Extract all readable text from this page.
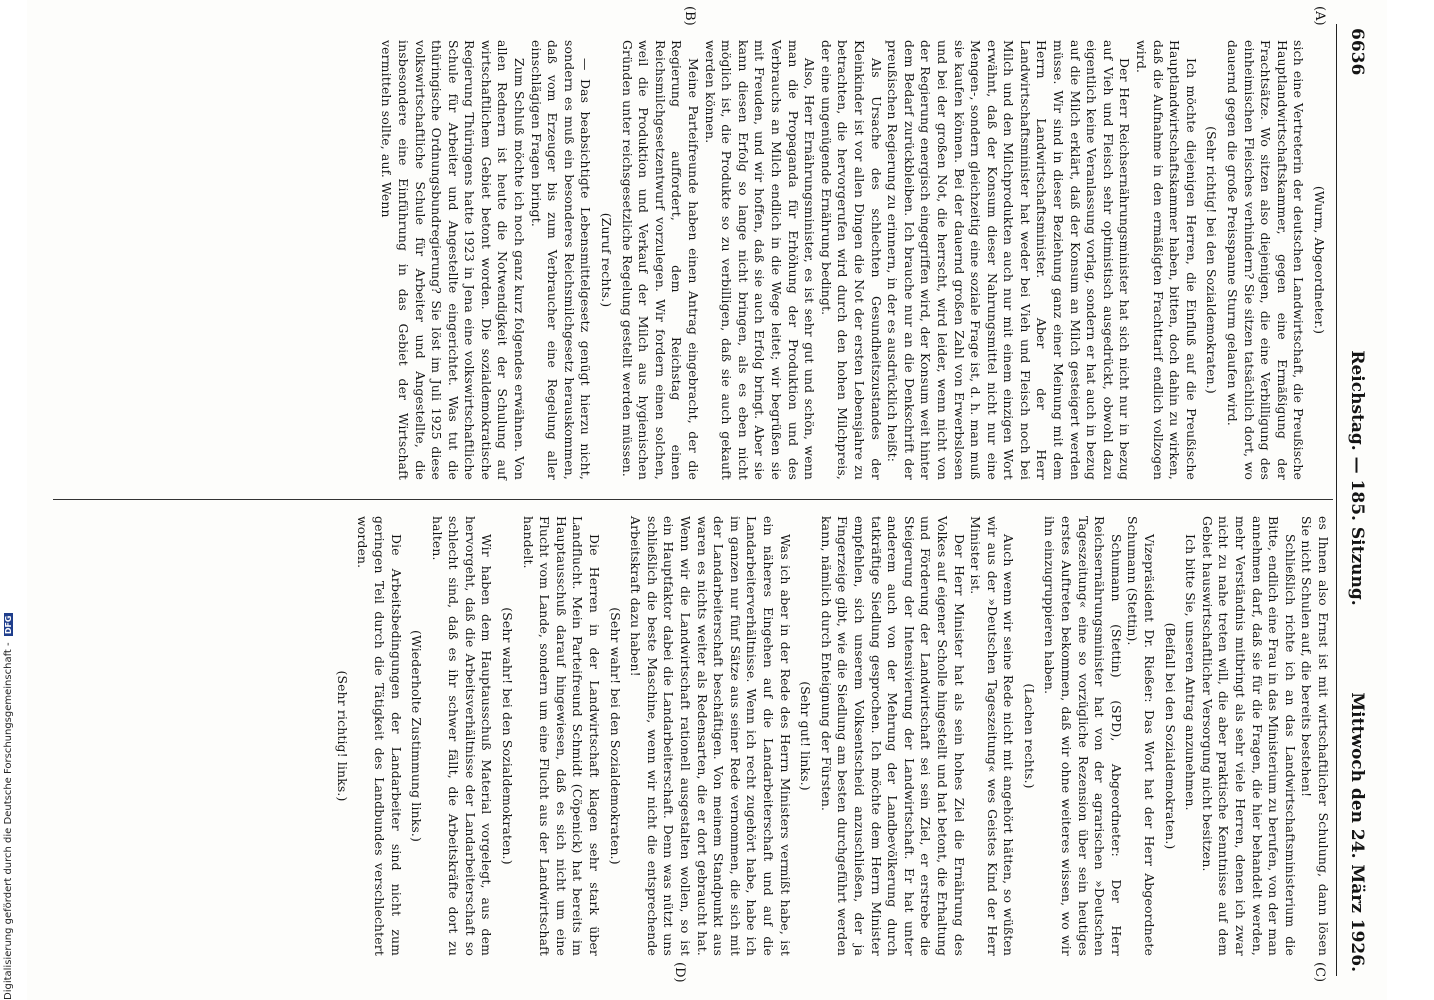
6636
Reichstag. — 185. Sitzung.
Mittwoch den 24. März 1926.
(A)
(B)
(C)
(D)

(Wurm, Abgeordneter.)

sich eine Vertreterin der deutschen Landwirtschaft, die Preußische Hauptlandwirtschaftskammer, gegen eine Ermäßigung der Frachtsätze. Wo sitzen also diejenigen, die eine Verbilligung des einheimischen Fleisches verhindern? Sie sitzen tatsächlich dort, wo dauernd gegen die große Preisspanne Sturm gelaufen wird.

(Sehr richtig! bei den Sozialdemokraten.)

Ich möchte diejenigen Herren, die Einfluß auf die Preußische Hauptlandwirtschaftskammer haben, bitten, doch dahin zu wirken, daß die Aufnahme in den ermäßigten Frachttarif endlich vollzogen wird.

Der Herr Reichsernährungsminister hat sich nicht nur in bezug auf Vieh und Fleisch sehr optimistisch ausgedrückt, obwohl dazu eigentlich keine Veranlassung vorlag, sondern er hat auch in bezug auf die Milch erklärt, daß der Konsum an Milch gesteigert werden müsse. Wir sind in dieser Beziehung ganz einer Meinung mit dem Herrn Landwirtschaftsminister. Aber der Herr Landwirtschaftsminister hat weder bei Vieh und Fleisch noch bei Milch und den Milchprodukten auch nur mit einem einzigen Wort erwähnt, daß der Konsum dieser Nahrungsmittel nicht nur eine Mengen-, sondern gleichzeitig eine soziale Frage ist, d. h. man muß sie kaufen können. Bei der dauernd großen Zahl von Erwerbslosen und bei der großen Not, die herrscht, wird leider, wenn nicht von der Regierung energisch eingegriffen wird, der Konsum weit hinter dem Bedarf zurückbleiben. Ich brauche nur an die Denkschrift der preußischen Regierung zu erinnern, in der es ausdrücklich heißt:

Als Ursache des schlechten Gesundheitszustandes der Kleinkinder ist vor allen Dingen die Not der ersten Lebensjahre zu betrachten, die hervorgerufen wird durch den hohen Milchpreis, der eine ungenügende Ernährung bedingt.

Also, Herr Ernährungsminister, es ist sehr gut und schön, wenn man die Propaganda für Erhöhung der Produktion und des Verbrauchs an Milch endlich in die Wege leitet; wir begrüßen sie mit Freuden, und wir hoffen, daß sie auch Erfolg bringt. Aber sie kann diesen Erfolg so lange nicht bringen, als es eben nicht möglich ist, die Produkte so zu verbilligen, daß sie auch gekauft werden können.

Meine Parteifreunde haben einen Antrag eingebracht, der die Regierung auffordert, dem Reichstag einen Reichsmilchgesetzentwurf vorzulegen. Wir fordern einen solchen, weil die Produktion und Verkauf der Milch aus hygienischen Gründen unter reichsgesetzliche Regelung gestellt werden müssen.

(Zuruf rechts.)

— Das beabsichtigte Lebensmittelgesetz genügt hierzu nicht, sondern es muß ein besonderes Reichsmilchgesetz herauskommen, daß vom Erzeuger bis zum Verbraucher eine Regelung aller einschlägigen Fragen bringt.

Zum Schluß möchte ich noch ganz kurz folgendes erwähnen. Von allen Rednern ist heute die Notwendigkeit der Schulung auf wirtschaftlichem Gebiet betont worden. Die sozialdemokratische Regierung Thüringens hatte 1923 in Jena eine volkswirtschaftliche Schule für Arbeiter und Angestellte eingerichtet. Was tut die thüringische Ordnungsbundregierung? Sie löst im Juli 1925 diese volkswirtschaftliche Schule für Arbeiter und Angestellte, die insbesondere eine Einführung in das Gebiet der Wirtschaft vermitteln sollte, auf. Wenn

es Ihnen also Ernst ist mit wirtschaftlicher Schulung, dann lösen Sie nicht Schulen auf, die bereits bestehen!

Schließlich richte ich an das Landwirtschaftsministerium die Bitte, endlich eine Frau in das Ministerium zu berufen, von der man annehmen darf, daß sie für die Fragen, die hier behandelt werden, mehr Verständnis mitbringt als sehr viele Herren, denen ich zwar nicht zu nahe treten will, die aber praktische Kenntnisse auf dem Gebiet hauswirtschaftlicher Versorgung nicht besitzen.

Ich bitte Sie, unseren Antrag anzunehmen.

(Beifall bei den Sozialdemokraten.)

Vizepräsident Dr. Rießer: Das Wort hat der Herr Abgeordnete Schumann (Stettin).

Schumann (Stettin) (SPD), Abgeordneter: Der Herr Reichsernährungsminister hat von der agrarischen »Deutschen Tageszeitung« eine so vorzügliche Rezension über sein heutiges erstes Auftreten bekommen, daß wir ohne weiteres wissen, wo wir ihn einzugruppieren haben.

(Lachen rechts.)

Auch wenn wir seine Rede nicht mit angehört hätten, so wüßten wir aus der »Deutschen Tageszeitung« wes Geistes Kind der Herr Minister ist.

Der Herr Minister hat als sein hohes Ziel die Ernährung des Volkes auf eigener Scholle hingestellt und hat betont, die Erhaltung und Förderung der Landwirtschaft sei sein Ziel, er erstrebe die Steigerung der Intensivierung der Landwirtschaft. Er hat unter anderem auch von der Mehrung der Landbevölkerung durch tatkräftige Siedlung gesprochen. Ich möchte dem Herrn Minister empfehlen, sich unserem Volksentscheid anzuschließen, der ja Fingerzeige gibt, wie die Siedlung am besten durchgeführt werden kann, nämlich durch Enteignung der Fürsten.

(Sehr gut! links.)

Was ich aber in der Rede des Herrn Ministers vermißt habe, ist ein näheres Eingehen auf die Landarbeiterschaft und auf die Landarbeiterverhältnisse. Wenn ich recht zugehört habe, habe ich im ganzen nur fünf Sätze aus seiner Rede vernommen, die sich mit der Landarbeiterschaft beschäftigen. Von meinem Standpunkt aus waren es nichts weiter als Redensarten, die er dort gebraucht hat. Wenn wir die Landwirtschaft rationell ausgestalten wollen, so ist ein Hauptfaktor dabei die Landarbeiterschaft. Denn was nützt uns schließlich die beste Maschine, wenn wir nicht die entsprechende Arbeitskraft dazu haben!

(Sehr wahr! bei den Sozialdemokraten.)

Die Herren in der Landwirtschaft klagen sehr stark über Landflucht. Mein Parteifreund Schmidt (Cöpenick) hat bereits im Hauptausschuß darauf hingewiesen, daß es sich nicht um eine Flucht vom Lande, sondern um eine Flucht aus der Landwirtschaft handelt.

(Sehr wahr! bei den Sozialdemokraten.)

Wir haben dem Hauptausschuß Material vorgelegt, aus dem hervorgeht, daß die Arbeitsverhältnisse der Landarbeiterschaft so schlecht sind, daß es ihr schwer fällt, die Arbeitskräfte dort zu halten.

(Wiederholte Zustimmung links.)

Die Arbeitsbedingungen der Landarbeiter sind nicht zum geringen Teil durch die Tätigkeit des Landbundes verschlechtert worden.

(Sehr richtig! links.)

Digitalisierung gefördert durch die Deutsche Forschungsgemeinschaft - DFG
